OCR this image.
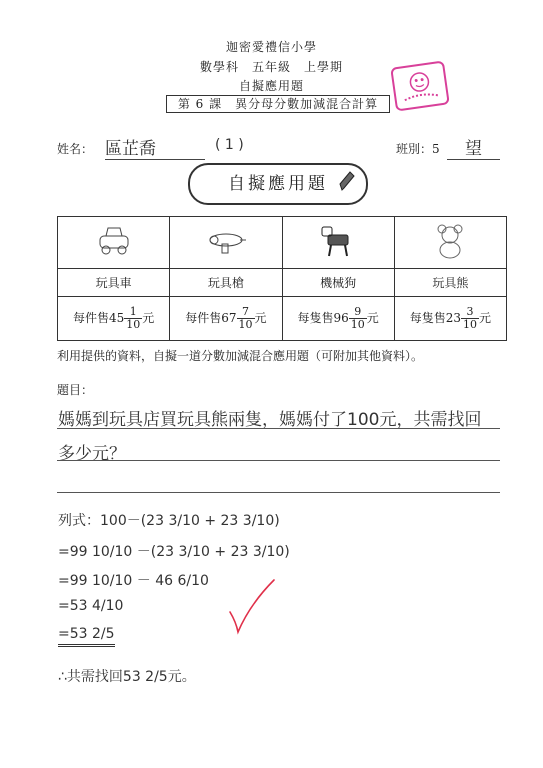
迦密愛禮信小學
數學科　五年級　上學期
自擬應用題
第 6 課　異分母分數加減混合計算
姓名： 區芷喬	( 1 )	班別：5	望
自擬應用題

玩具車	玩具槍	機械狗	玩具熊
每件售$45 \frac{1}{10}$ 元	每件售$67 \frac{7}{10}$ 元	每隻售$96 \frac{9}{10}$ 元	每隻售$23 \frac{3}{10}$ 元
利用提供的資料，自擬一道分數加減混合應用題（可附加其他資料）。
題目：
媽媽到玩具店買玩具熊兩隻，媽媽付了100元，共需找回
多少元？
列式：100－(23 3/10 + 23 3/10)
=99 10/10 －(23 3/10 + 23 3/10)
=99 10/10 － 46 6/10
=53 4/10
=53 2/5
∴共需找回53 2/5元。
